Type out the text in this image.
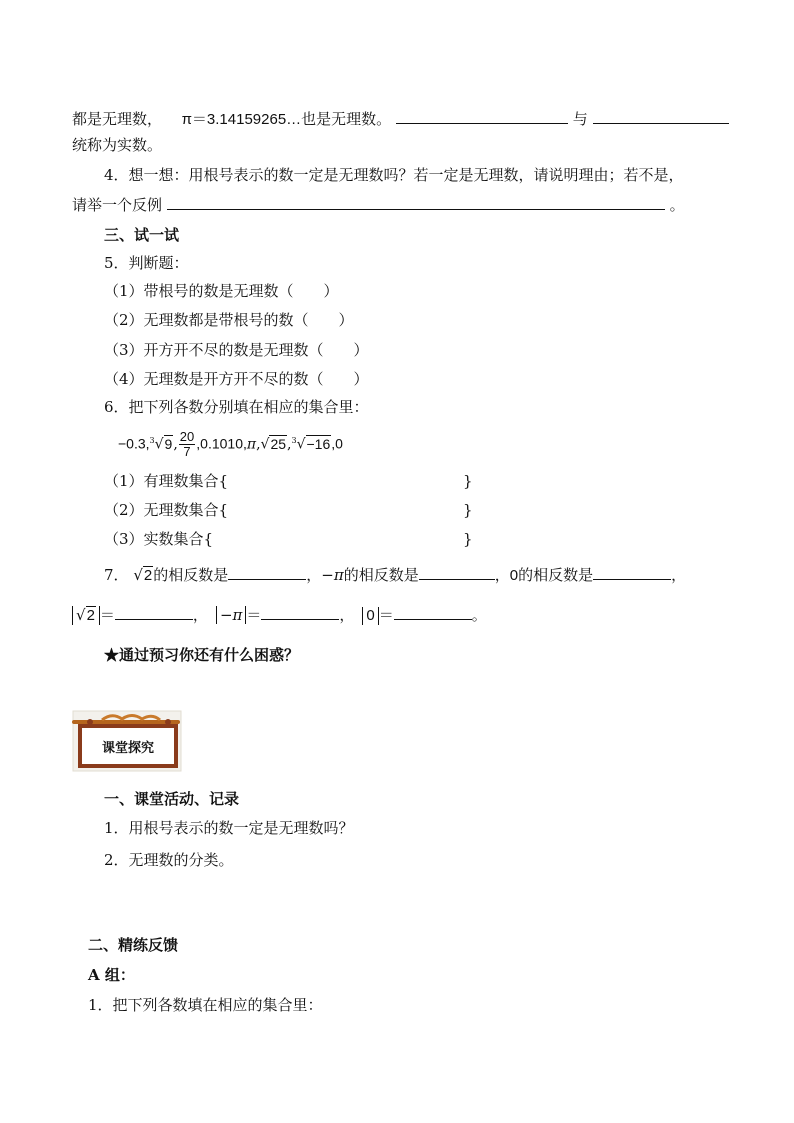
都是无理数， π＝3.14159265…也是无理数。	与
统称为实数。
4．想一想：用根号表示的数一定是无理数吗？若一定是无理数，请说明理由；若不是，
请举一个反例	。
三、试一试
5．判断题：
（1）带根号的数是无理数（　　）
（2）无理数都是带根号的数（　　）
（3）开方开不尽的数是无理数（　　）
（4）无理数是开方开不尽的数（　　）
6．把下列各数分别填在相应的集合里：
−0.3,$^3$√9, $\frac{20}{7} ,0.1010,\pi,√25,^3√-16,0$
（1）有理数集合{	}
（2）无理数集合{	}
（3）实数集合{	}
7． √2的相反数是	，−π的相反数是	，0的相反数是	，
√2 ＝	， −π ＝	， 0 ＝	。
★通过预习你还有什么困惑？
课堂探究
一、课堂活动、记录
1．用根号表示的数一定是无理数吗？
2．无理数的分类。
二、精练反馈
A 组：
1．把下列各数填在相应的集合里：
